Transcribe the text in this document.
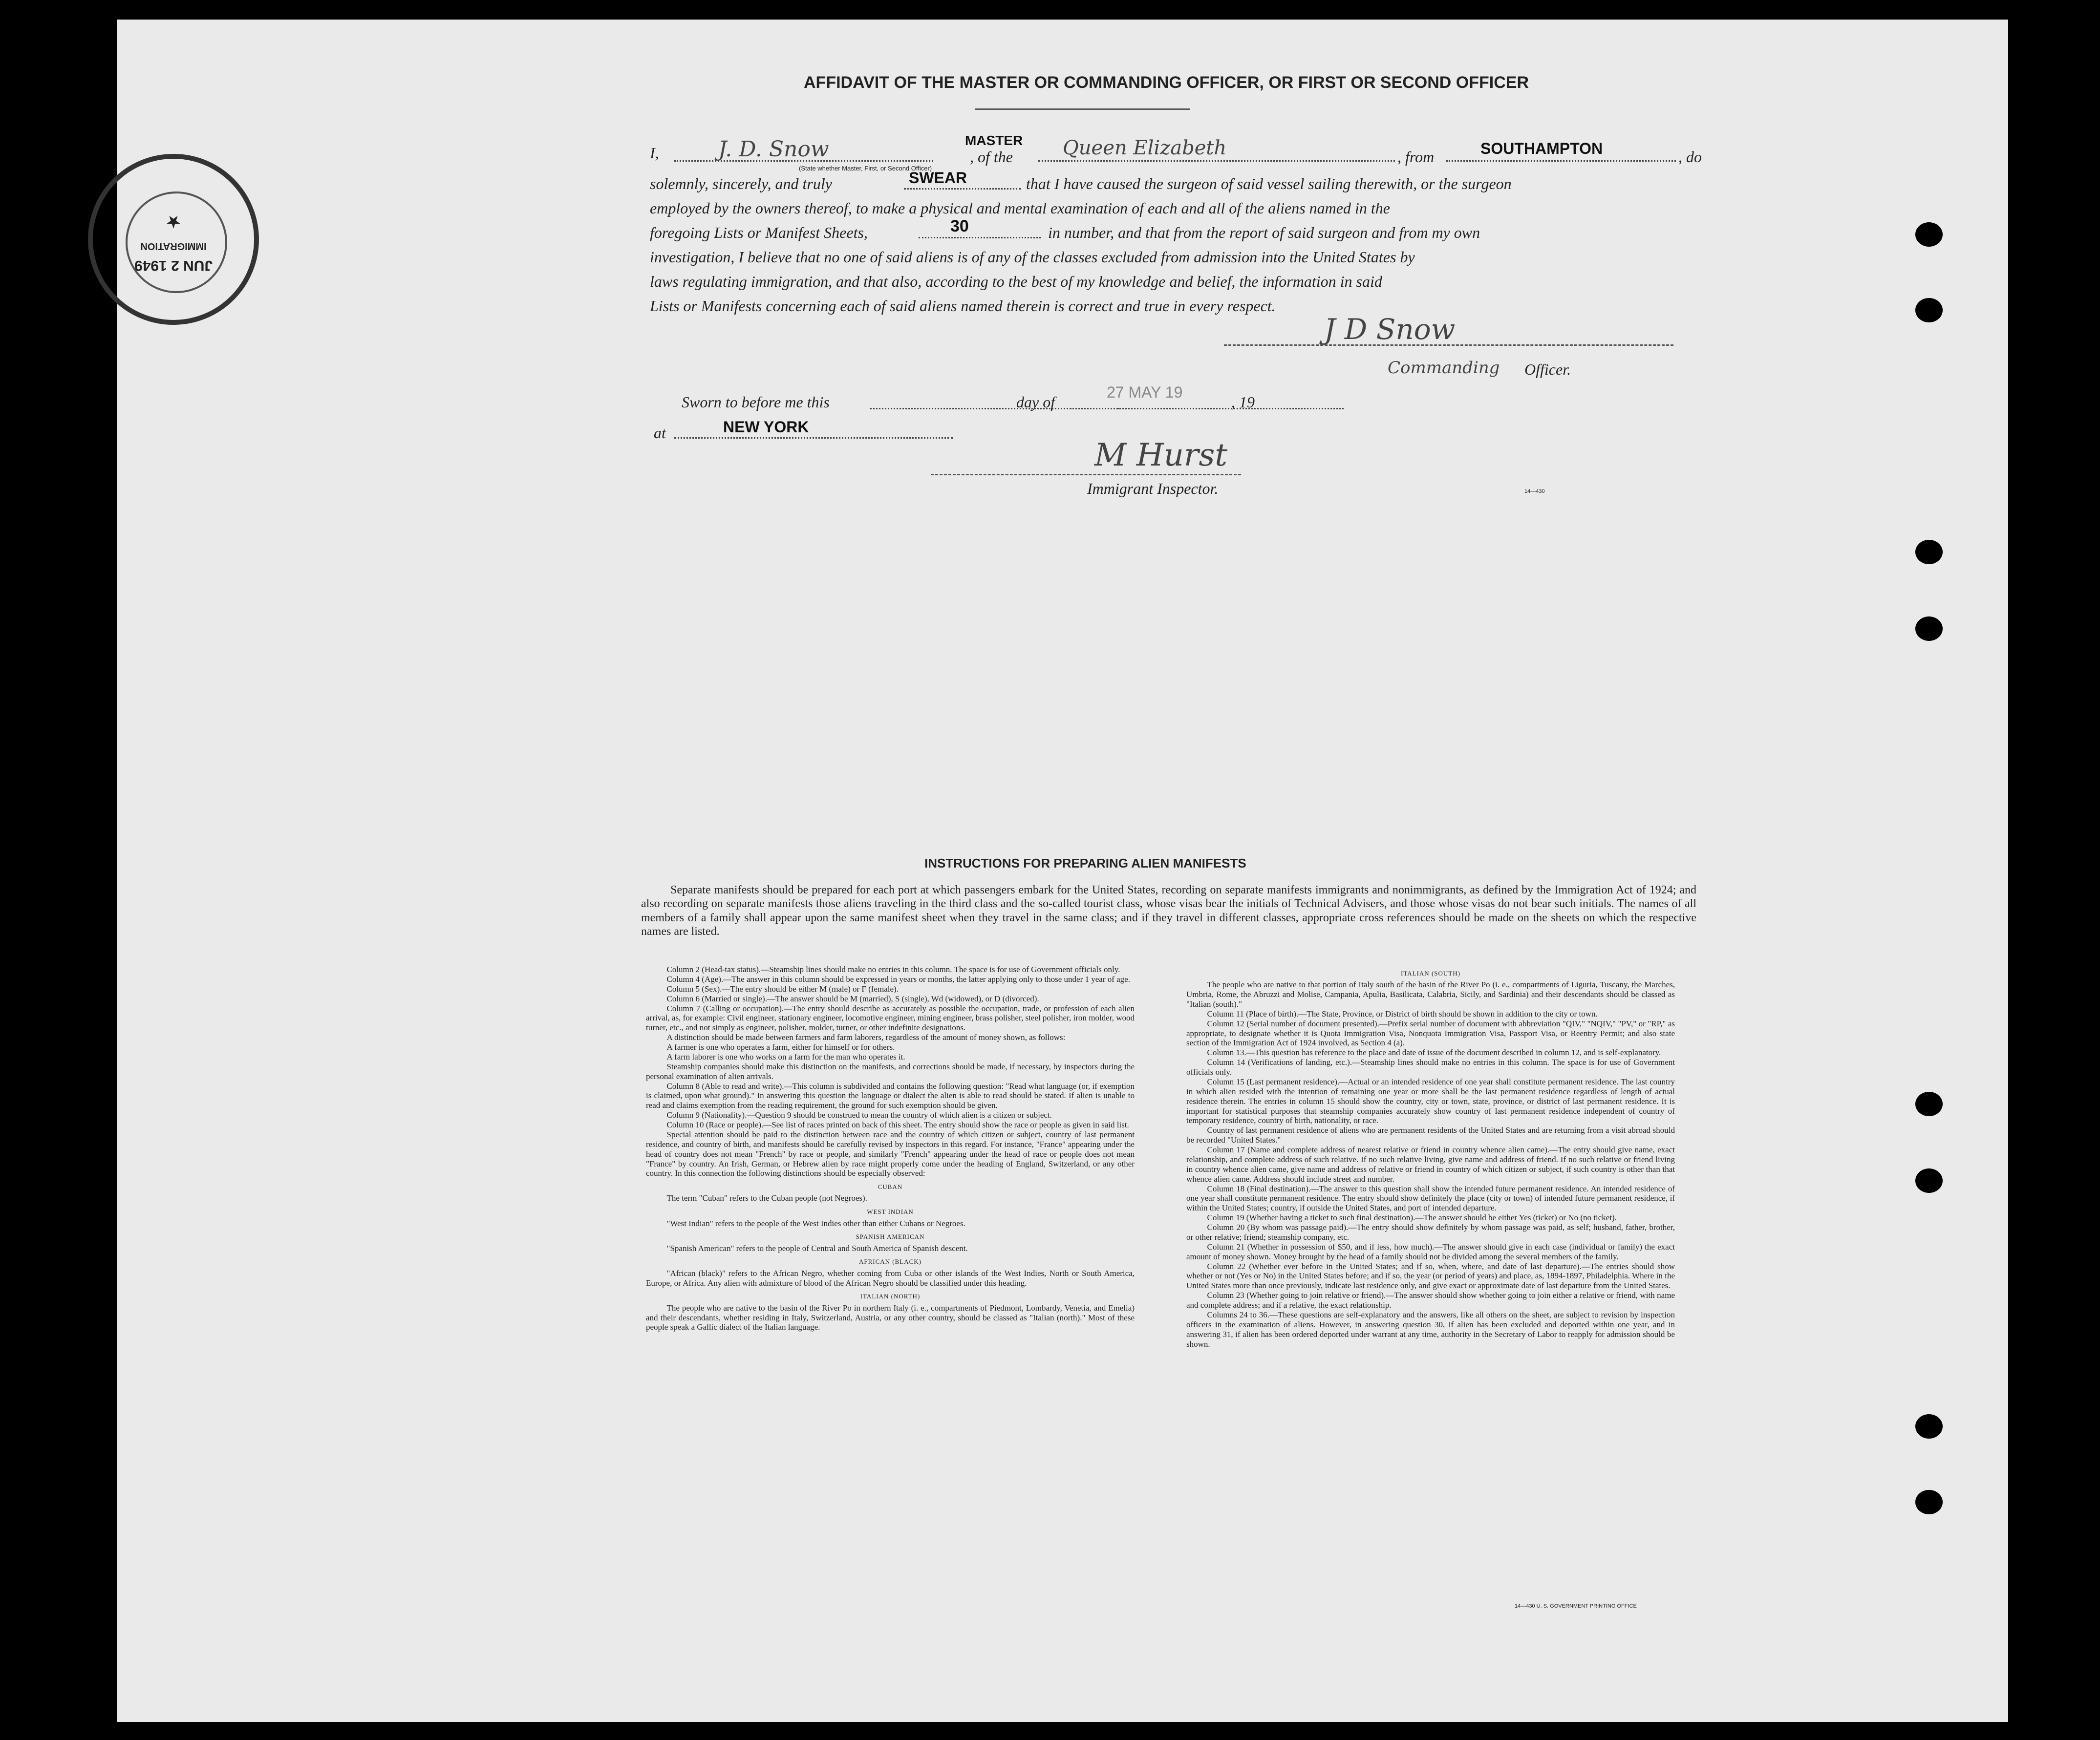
AFFIDAVIT OF THE MASTER OR COMMANDING OFFICER, OR FIRST OR SECOND OFFICER
I,	J. D. Snow	MASTER
, of the	Queen Elizabeth	, from	SOUTHAMPTON	, do
(State whether Master, First, or Second Officer)
solemnly, sincerely, and truly	SWEAR	that I have caused the surgeon of said vessel sailing therewith, or the surgeon
employed by the owners thereof, to make a physical and mental examination of each and all of the aliens named in the
foregoing Lists or Manifest Sheets,	30	in number, and that from the report of said surgeon and from my own
investigation, I believe that no one of said aliens is of any of the classes excluded from admission into the United States by
laws regulating immigration, and that also, according to the best of my knowledge and belief, the information in said
Lists or Manifests concerning each of said aliens named therein is correct and true in every respect.
J D Snow
Commanding Officer.
Sworn to before me this	day of
27 MAY 19
, 19
at	NEW YORK
M Hurst
Immigrant Inspector.	14—430
INSTRUCTIONS FOR PREPARING ALIEN MANIFESTS
Separate manifests should be prepared for each port at which passengers embark for the United States, recording on separate manifests immigrants and nonimmigrants, as defined by the Immigration Act of 1924; and also recording on separate manifests those aliens traveling in the third class and the so-called tourist class, whose visas bear the initials of Technical Advisers, and those whose visas do not bear such initials. The names of all members of a family shall appear upon the same manifest sheet when they travel in the same class; and if they travel in different classes, appropriate cross references should be made on the sheets on which the respective names are listed.

Column 2 (Head-tax status).—Steamship lines should make no entries in this column. The space is for use of Government officials only.

Column 4 (Age).—The answer in this column should be expressed in years or months, the latter applying only to those under 1 year of age.

Column 5 (Sex).—The entry should be either M (male) or F (female).

Column 6 (Married or single).—The answer should be M (married), S (single), Wd (widowed), or D (divorced).

Column 7 (Calling or occupation).—The entry should describe as accurately as possible the occupation, trade, or profession of each alien arrival, as, for example: Civil engineer, stationary engineer, locomotive engineer, mining engineer, brass polisher, steel polisher, iron molder, wood turner, etc., and not simply as engineer, polisher, molder, turner, or other indefinite designations.

A distinction should be made between farmers and farm laborers, regardless of the amount of money shown, as follows:

A farmer is one who operates a farm, either for himself or for others.

A farm laborer is one who works on a farm for the man who operates it.

Steamship companies should make this distinction on the manifests, and corrections should be made, if necessary, by inspectors during the personal examination of alien arrivals.

Column 8 (Able to read and write).—This column is subdivided and contains the following question: "Read what language (or, if exemption is claimed, upon what ground)." In answering this question the language or dialect the alien is able to read should be stated. If alien is unable to read and claims exemption from the reading requirement, the ground for such exemption should be given.

Column 9 (Nationality).—Question 9 should be construed to mean the country of which alien is a citizen or subject.

Column 10 (Race or people).—See list of races printed on back of this sheet. The entry should show the race or people as given in said list.

Special attention should be paid to the distinction between race and the country of which citizen or subject, country of last permanent residence, and country of birth, and manifests should be carefully revised by inspectors in this regard. For instance, "France" appearing under the head of country does not mean "French" by race or people, and similarly "French" appearing under the head of race or people does not mean "France" by country. An Irish, German, or Hebrew alien by race might properly come under the heading of England, Switzerland, or any other country. In this connection the following distinctions should be especially observed:

CUBAN

The term "Cuban" refers to the Cuban people (not Negroes).

WEST INDIAN

"West Indian" refers to the people of the West Indies other than either Cubans or Negroes.

SPANISH AMERICAN

"Spanish American" refers to the people of Central and South America of Spanish descent.

AFRICAN (BLACK)

"African (black)" refers to the African Negro, whether coming from Cuba or other islands of the West Indies, North or South America, Europe, or Africa. Any alien with admixture of blood of the African Negro should be classified under this heading.

ITALIAN (NORTH)

The people who are native to the basin of the River Po in northern Italy (i. e., compartments of Piedmont, Lombardy, Venetia, and Emelia) and their descendants, whether residing in Italy, Switzerland, Austria, or any other country, should be classed as "Italian (north)." Most of these people speak a Gallic dialect of the Italian language.

ITALIAN (SOUTH)

The people who are native to that portion of Italy south of the basin of the River Po (i. e., compartments of Liguria, Tuscany, the Marches, Umbria, Rome, the Abruzzi and Molise, Campania, Apulia, Basilicata, Calabria, Sicily, and Sardinia) and their descendants should be classed as "Italian (south)."

Column 11 (Place of birth).—The State, Province, or District of birth should be shown in addition to the city or town.

Column 12 (Serial number of document presented).—Prefix serial number of document with abbreviation "QIV," "NQIV," "PV," or "RP," as appropriate, to designate whether it is Quota Immigration Visa, Nonquota Immigration Visa, Passport Visa, or Reentry Permit; and also state section of the Immigration Act of 1924 involved, as Section 4 (a).

Column 13.—This question has reference to the place and date of issue of the document described in column 12, and is self-explanatory.

Column 14 (Verifications of landing, etc.).—Steamship lines should make no entries in this column. The space is for use of Government officials only.

Column 15 (Last permanent residence).—Actual or an intended residence of one year shall constitute permanent residence. The last country in which alien resided with the intention of remaining one year or more shall be the last permanent residence regardless of length of actual residence therein. The entries in column 15 should show the country, city or town, state, province, or district of last permanent residence. It is important for statistical purposes that steamship companies accurately show country of last permanent residence independent of country of temporary residence, country of birth, nationality, or race.

Country of last permanent residence of aliens who are permanent residents of the United States and are returning from a visit abroad should be recorded "United States."

Column 17 (Name and complete address of nearest relative or friend in country whence alien came).—The entry should give name, exact relationship, and complete address of such relative. If no such relative living, give name and address of friend. If no such relative or friend living in country whence alien came, give name and address of relative or friend in country of which citizen or subject, if such country is other than that whence alien came. Address should include street and number.

Column 18 (Final destination).—The answer to this question shall show the intended future permanent residence. An intended residence of one year shall constitute permanent residence. The entry should show definitely the place (city or town) of intended future permanent residence, if within the United States; country, if outside the United States, and port of intended departure.

Column 19 (Whether having a ticket to such final destination).—The answer should be either Yes (ticket) or No (no ticket).

Column 20 (By whom was passage paid).—The entry should show definitely by whom passage was paid, as self; husband, father, brother, or other relative; friend; steamship company, etc.

Column 21 (Whether in possession of $50, and if less, how much).—The answer should give in each case (individual or family) the exact amount of money shown. Money brought by the head of a family should not be divided among the several members of the family.

Column 22 (Whether ever before in the United States; and if so, when, where, and date of last departure).—The entries should show whether or not (Yes or No) in the United States before; and if so, the year (or period of years) and place, as, 1894-1897, Philadelphia. Where in the United States more than once previously, indicate last residence only, and give exact or approximate date of last departure from the United States.

Column 23 (Whether going to join relative or friend).—The answer should show whether going to join either a relative or friend, with name and complete address; and if a relative, the exact relationship.

Columns 24 to 36.—These questions are self-explanatory and the answers, like all others on the sheet, are subject to revision by inspection officers in the examination of aliens. However, in answering question 30, if alien has been excluded and deported within one year, and in answering 31, if alien has been ordered deported under warrant at any time, authority in the Secretary of Labor to reapply for admission should be shown.

14—430 U. S. GOVERNMENT PRINTING OFFICE
JUN 2 1949
IMMIGRATION
★
